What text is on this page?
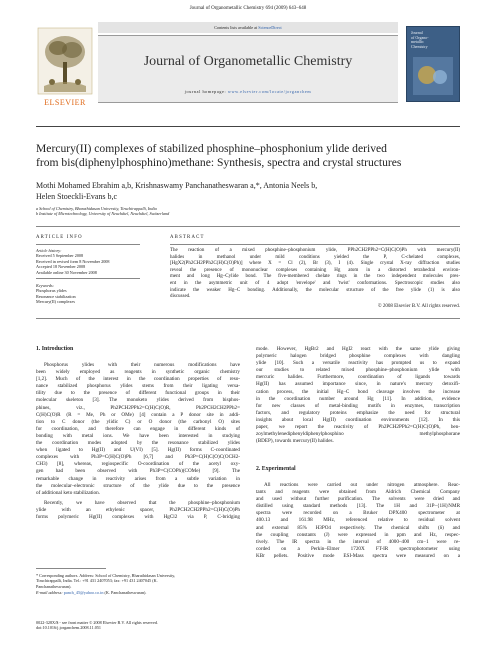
Journal of Organometallic Chemistry 694 (2009) 643–648
ELSEVIER
Contents lists available at ScienceDirect
Journal of Organometallic Chemistry
journal homepage: www.elsevier.com/locate/jorganchem
Journal
of Organo-
metallic
Chemistry
Mercury(II) complexes of stabilized phosphine–phosphonium ylide derived
from bis(diphenylphosphino)methane: Synthesis, spectra and crystal structures
Mothi Mohamed Ebrahim a,b, Krishnaswamy Panchanatheswaran a,*, Antonia Neels b,
Helen Stoeckli-Evans b,c
a School of Chemistry, Bharathidasan University, Tiruchirappalli, India
b Institute of Microtechnology, University of Neuchâtel, Neuchâtel, Switzerland
ARTICLE INFO
Article history:
Received 5 September 2008
Received in revised form 8 November 2008
Accepted 18 November 2008
Available online 30 November 2008
Keywords:
Phosphorus ylides
Resonance stabilization
Mercury(II) complexes
ABSTRACT
The reaction of a mixed phosphine–phosphonium ylide, PPh2CH2PPh2=C(H)C(O)Ph with mercury(II)
halides in methanol under mild conditions yielded the P, C-chelated complexes,
[HgX2(Ph2CH2PPh2C(H)C(O)Ph)] where X = Cl (2), Br (3), I (4). Single crystal X-ray diffraction studies
reveal the presence of mononuclear complexes containing Hg atom in a distorted tetrahedral environ-
ment and long Hg–Cylide bond. The five-membered chelate rings in the two independent molecules pres-
ent in the asymmetric unit of 4 adopt 'envelope' and 'twist' conformations. Spectroscopic studies also
indicate the weaker Hg–C bonding. Additionally, the molecular structure of the free ylide (1) is also
discussed.
© 2008 Elsevier B.V. All rights reserved.
1. Introduction
Phosphorus ylides with their numerous modifications have
been widely employed as reagents in synthetic organic chemistry
[1,2]. Much of the interest in the coordination properties of reso-
nance stabilized phosphorus ylides stems from their ligating versa-
tility due to the presence of different functional groups in their
molecular skeleton [3]. The monoketo ylides derived from bisphos-
phines, viz., Ph2PCH2PPh2=C(H)C(O)R, Ph2PCH2CH2PPh2=
C(H)C(O)R (R = Me, Ph or OMe) [4] contain a P donor site in addi-
tion to C donor (the ylidic C) or O donor (the carbonyl O) sites
for coordination, and therefore can engage in different kinds of
bonding with metal ions. We have been interested in studying
the coordination modes adopted by the resonance stabilized ylides
when ligated to Hg(II) and U(VI) [5]. Hg(II) forms C-coordinated
complexes with Ph3P=C(H)C(O)Ph [6,7] and Ph3P=C(H)C(O)C(OCH2-
CH3) [8], whereas, regiospecific O-coordination of the acetyl oxy-
gen had been observed with Ph3P=C(COPh)(COMe) [9]. The
remarkable change in reactivity arises from a subtle variation in
the molecular–electronic structure of the ylide due to the presence
of additional keto stabilization.
Recently, we have observed that the phosphine–phosphonium
ylide with an ethylenic spacer, Ph2PCH2CH2PPh2=C(H)C(O)Ph
forms polymeric Hg(II) complexes with HgCl2 via P, C-bridging
* Corresponding authors. Address: School of Chemistry, Bharathidasan University,
Tiruchirappalli, India. Tel.: +91 431 2407053; fax: +91 431 2407045 (K.
Panchanatheswaran).
E-mail address: panch_45@yahoo.co.in (K. Panchanatheswaran).
mode. However, HgBr2 and HgI2 react with the same ylide giving
polymeric halogen bridged phosphine complexes with dangling
ylide [10]. Such a versatile reactivity has prompted us to expand
our studies to related mixed phosphine–phosphonium ylide with
mercuric halides. Furthermore, coordination of ligands towards
Hg(II) has assumed importance since, in nature's mercury detoxifi-
cation process, the initial Hg–C bond cleavage involves the increase
in the coordination number around Hg [11]. In addition, evidence
for new classes of metal-binding motifs in enzymes, transcription
factors, and regulatory proteins emphasize the need for structural
insights about local Hg(II) coordination environments [12]. In this
paper, we report the reactivity of Ph2PCH2PPh2=C(H)C(O)Ph, ben-
zoylmethylenediphenyldiphenylphosphino methylphosphorane
(BDEP), towards mercury(II) halides.
2. Experimental
All reactions were carried out under nitrogen atmosphere. Reac-
tants and reagents were obtained from Aldrich Chemical Company
and used without further purification. The solvents were dried and
distilled using standard methods [13]. The 1H and 31P–{1H}NMR
spectra were recorded on a Bruker DPX400 spectrometer at
400.13 and 161.98 MHz, referenced relative to residual solvent
and external 85% H3PO4 respectively. The chemical shifts (δ) and
the coupling constants (J) were expressed in ppm and Hz, respec-
tively. The IR spectra in the interval of 4000–400 cm−1 were re-
corded on a Perkin–Elmer 1720X FT-IR spectrophotometer using
KBr pellets. Positive mode ESI-Mass spectra were measured on a
0022-328X/$ - see front matter © 2008 Elsevier B.V. All rights reserved.
doi:10.1016/j.jorganchem.2008.11.051
